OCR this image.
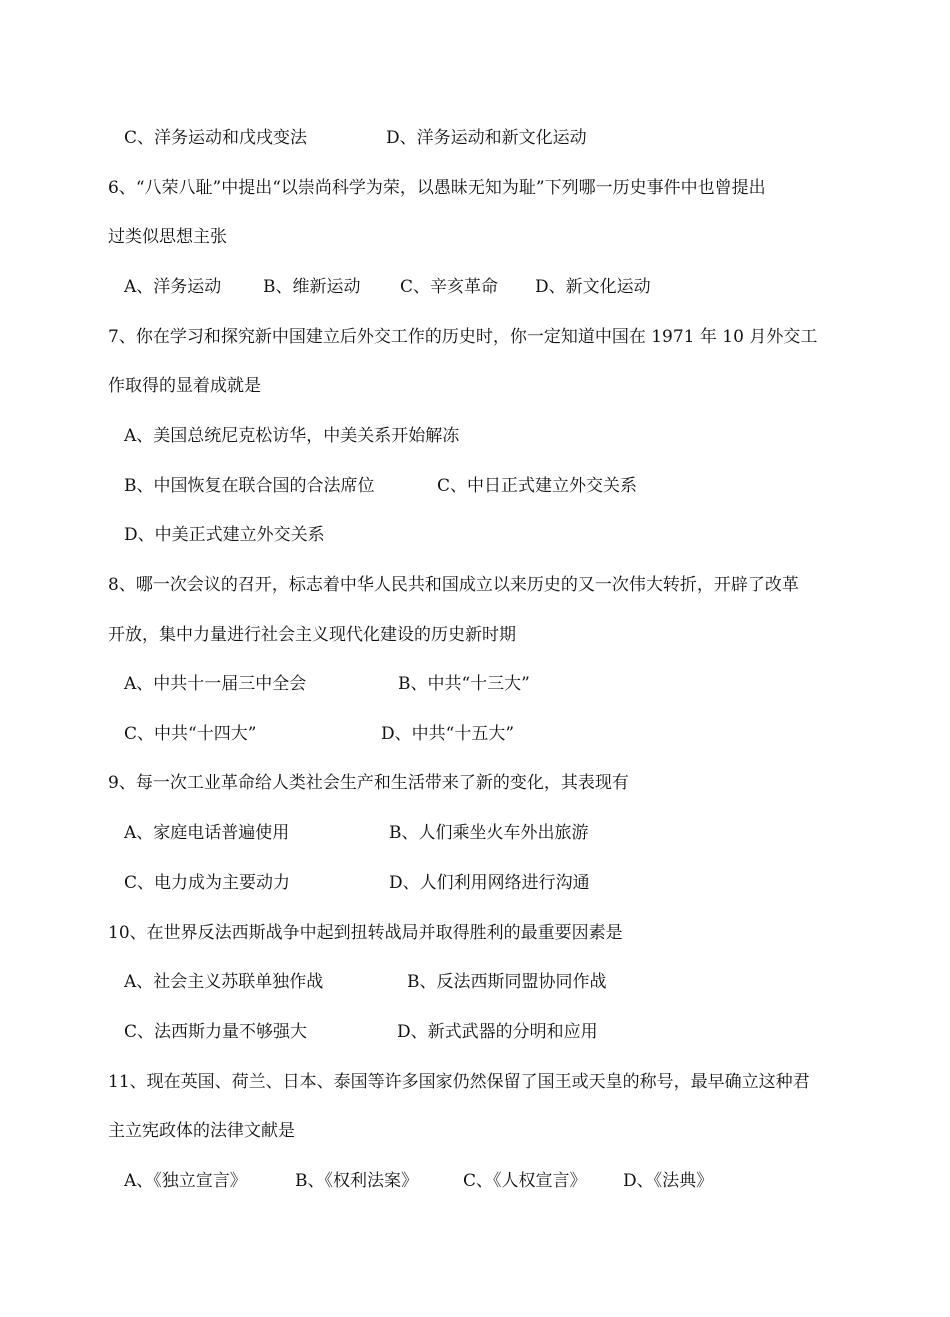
C、洋务运动和戊戌变法	D、洋务运动和新文化运动
6、“八荣八耻”中提出“以崇尚科学为荣，以愚昧无知为耻”下列哪一历史事件中也曾提出
过类似思想主张
A、洋务运动 B、维新运动 C、辛亥革命 D、新文化运动
7、你在学习和探究新中国建立后外交工作的历史时，你一定知道中国在 1971 年 10 月外交工
作取得的显着成就是
A、美国总统尼克松访华，中美关系开始解冻
B、中国恢复在联合国的合法席位	C、中日正式建立外交关系
D、中美正式建立外交关系
8、哪一次会议的召开，标志着中华人民共和国成立以来历史的又一次伟大转折，开辟了改革
开放，集中力量进行社会主义现代化建设的历史新时期
A、中共十一届三中全会	B、中共“十三大”
C、中共“十四大”	D、中共“十五大”
9、每一次工业革命给人类社会生产和生活带来了新的变化，其表现有
A、家庭电话普遍使用	B、人们乘坐火车外出旅游
C、电力成为主要动力	D、人们利用网络进行沟通
10、在世界反法西斯战争中起到扭转战局并取得胜利的最重要因素是
A、社会主义苏联单独作战	B、反法西斯同盟协同作战
C、法西斯力量不够强大	D、新式武器的分明和应用
11、现在英国、荷兰、日本、泰国等许多国家仍然保留了国王或天皇的称号，最早确立这种君
主立宪政体的法律文献是
A、《独立宣言》	B、《权利法案》	C、《人权宣言》 D、《法典》
